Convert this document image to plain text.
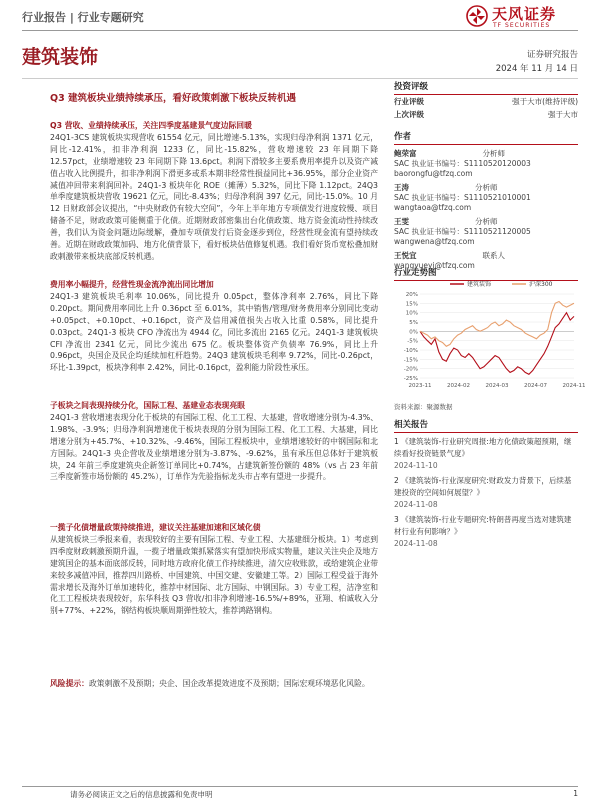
行业报告 | 行业专题研究	天风证券
TF SECURITIES
建筑装饰	证券研究报告
2024 年 11 月 14 日
Q3 建筑板块业绩持续承压，看好政策刺激下板块反转机遇
Q3 营收、业绩持续承压，关注四季度基建景气度边际回暖

24Q1-3CS 建筑板块实现营收 61554 亿元，同比增速-5.13%，实现归母净利润 1371 亿元，同比-12.41%，扣非净利润 1233 亿，同比-15.82%，营收增速较 23 年同期下降 12.57pct，业绩增速较 23 年同期下降 13.6pct。利润下滑较多主要系费用率提升以及资产减值占收入比例提升，扣非净利润下滑更多或系本期非经常性损益同比+36.95%，部分企业资产减值冲回带来利润回补。24Q1-3 板块年化 ROE（摊薄）5.32%，同比下降 1.12pct。24Q3 单季度建筑板块营收 19621 亿元，同比-8.43%；归母净利润 397 亿元，同比-15.0%。10 月 12 日财政部会议提出，“中央财政仍有较大空间”，今年上半年地方专项债发行进度较慢、项目储备不足，财政政策可能侧重于化债。近期财政部密集出台化债政策、地方资金流动性持续改善，我们认为资金问题边际缓解，叠加专项债发行后资金逐步到位，经营性现金流有望持续改善。近期在财政政策加码、地方化债背景下，看好板块估值修复机遇。我们看好货币宽松叠加财政刺激带来板块底部反转机遇。

费用率小幅提升，经营性现金流净流出同比增加

24Q1-3 建筑板块毛利率 10.06%，同比提升 0.05pct，整体净利率 2.76%，同比下降 0.20pct。期间费用率同比上升 0.36pct 至 6.01%，其中销售/管理/财务费用率分别同比变动+0.05pct、+0.10pct、+0.16pct，资产及信用减值损失占收入比重 0.58%，同比提升 0.03pct。24Q1-3 板块 CFO 净流出为 4944 亿，同比多流出 2165 亿元。24Q1-3 建筑板块 CFI 净流出 2341 亿元，同比少流出 675 亿。板块整体资产负债率 76.9%，同比上升 0.96pct，央国企及民企均延续加杠杆趋势。24Q3 建筑板块毛利率 9.72%，同比-0.26pct，环比-1.39pct，板块净利率 2.42%，同比-0.16pct，盈利能力阶段性承压。

子板块之间表现持续分化，国际工程、基建业态表现亮眼

24Q1-3 营收增速表现分化于板块的有国际工程、化工工程、大基建，营收增速分别为-4.3%、1.98%、-3.9%；归母净利润增速优于板块表现的分别为国际工程、化工工程、大基建，同比增速分别为+45.7%、+10.32%、-9.46%，国际工程板块中，业绩增速较好的中钢国际和北方国际。24Q1-3 央企营收及业绩增速分别为-3.87%、-9.62%，虽有承压但总体好于建筑板块，24 年前三季度建筑央企新签订单同比+0.74%，占建筑新签份额的 48%（vs 占 23 年前三季度新签市场份额的 45.2%），订单作为先验指标龙头市占率有望进一步提升。

一揽子化债增量政策持续推进，建议关注基建加速和区域化债

从建筑板块三季报来看，表现较好的主要有国际工程、专业工程、大基建细分板块。1）考虑到四季度财政刺激预期升温，一揽子增量政策抓紧落实有望加快形成实物量，建议关注央企及地方建筑国企的基本面底部反转，同时地方政府化债工作持续推进，清欠应收账款，或给建筑企业带来较多减值冲回，推荐四川路桥、中国建筑、中国交建、安徽建工等。2）国际工程受益于海外需求增长及海外订单加速转化，推荐中材国际、北方国际、中钢国际。3）专业工程，洁净室和化工工程板块表现较好，东华科技 Q3 营收/扣非净利增速-16.5%/+89%，亚翔、柏诚收入分别+77%、+22%，钢结构板块顺周期弹性较大，推荐鸿路钢构。

风险提示：政策刺激不及预期；央企、国企改革提效进度不及预期；国际宏观环境恶化风险。

投资评级
行业评级	强于大市(维持评级)
上次评级	强于大市
作者
鲍荣富	分析师
SAC 执业证书编号：S1110520120003
baorongfu@tfzq.com
王涛	分析师
SAC 执业证书编号：S1110521010001
wangtaoa@tfzq.com
王雯	分析师
SAC 执业证书编号：S1110521120005
wangwena@tfzq.com
王悦宜	联系人
wangyueyi@tfzq.com
行业走势图
20%
15%
10%
5%
0%
-5%
-10%
-15%
-20%
-25%
2023-11	2024-02	2024-03	2024-07	2024-11
建筑装饰	沪深300
资料来源：聚源数据
相关报告
1 《建筑装饰-行业研究周报:地方化债政策超预期，继续看好投资链景气度》
2024-11-10
2 《建筑装饰-行业深度研究:财政发力背景下，后续基建投资的空间如何展望？》
2024-11-08
3 《建筑装饰-行业专题研究:特朗普再度当选对建筑建材行业有何影响？》
2024-11-08
请务必阅读正文之后的信息披露和免责申明	1
